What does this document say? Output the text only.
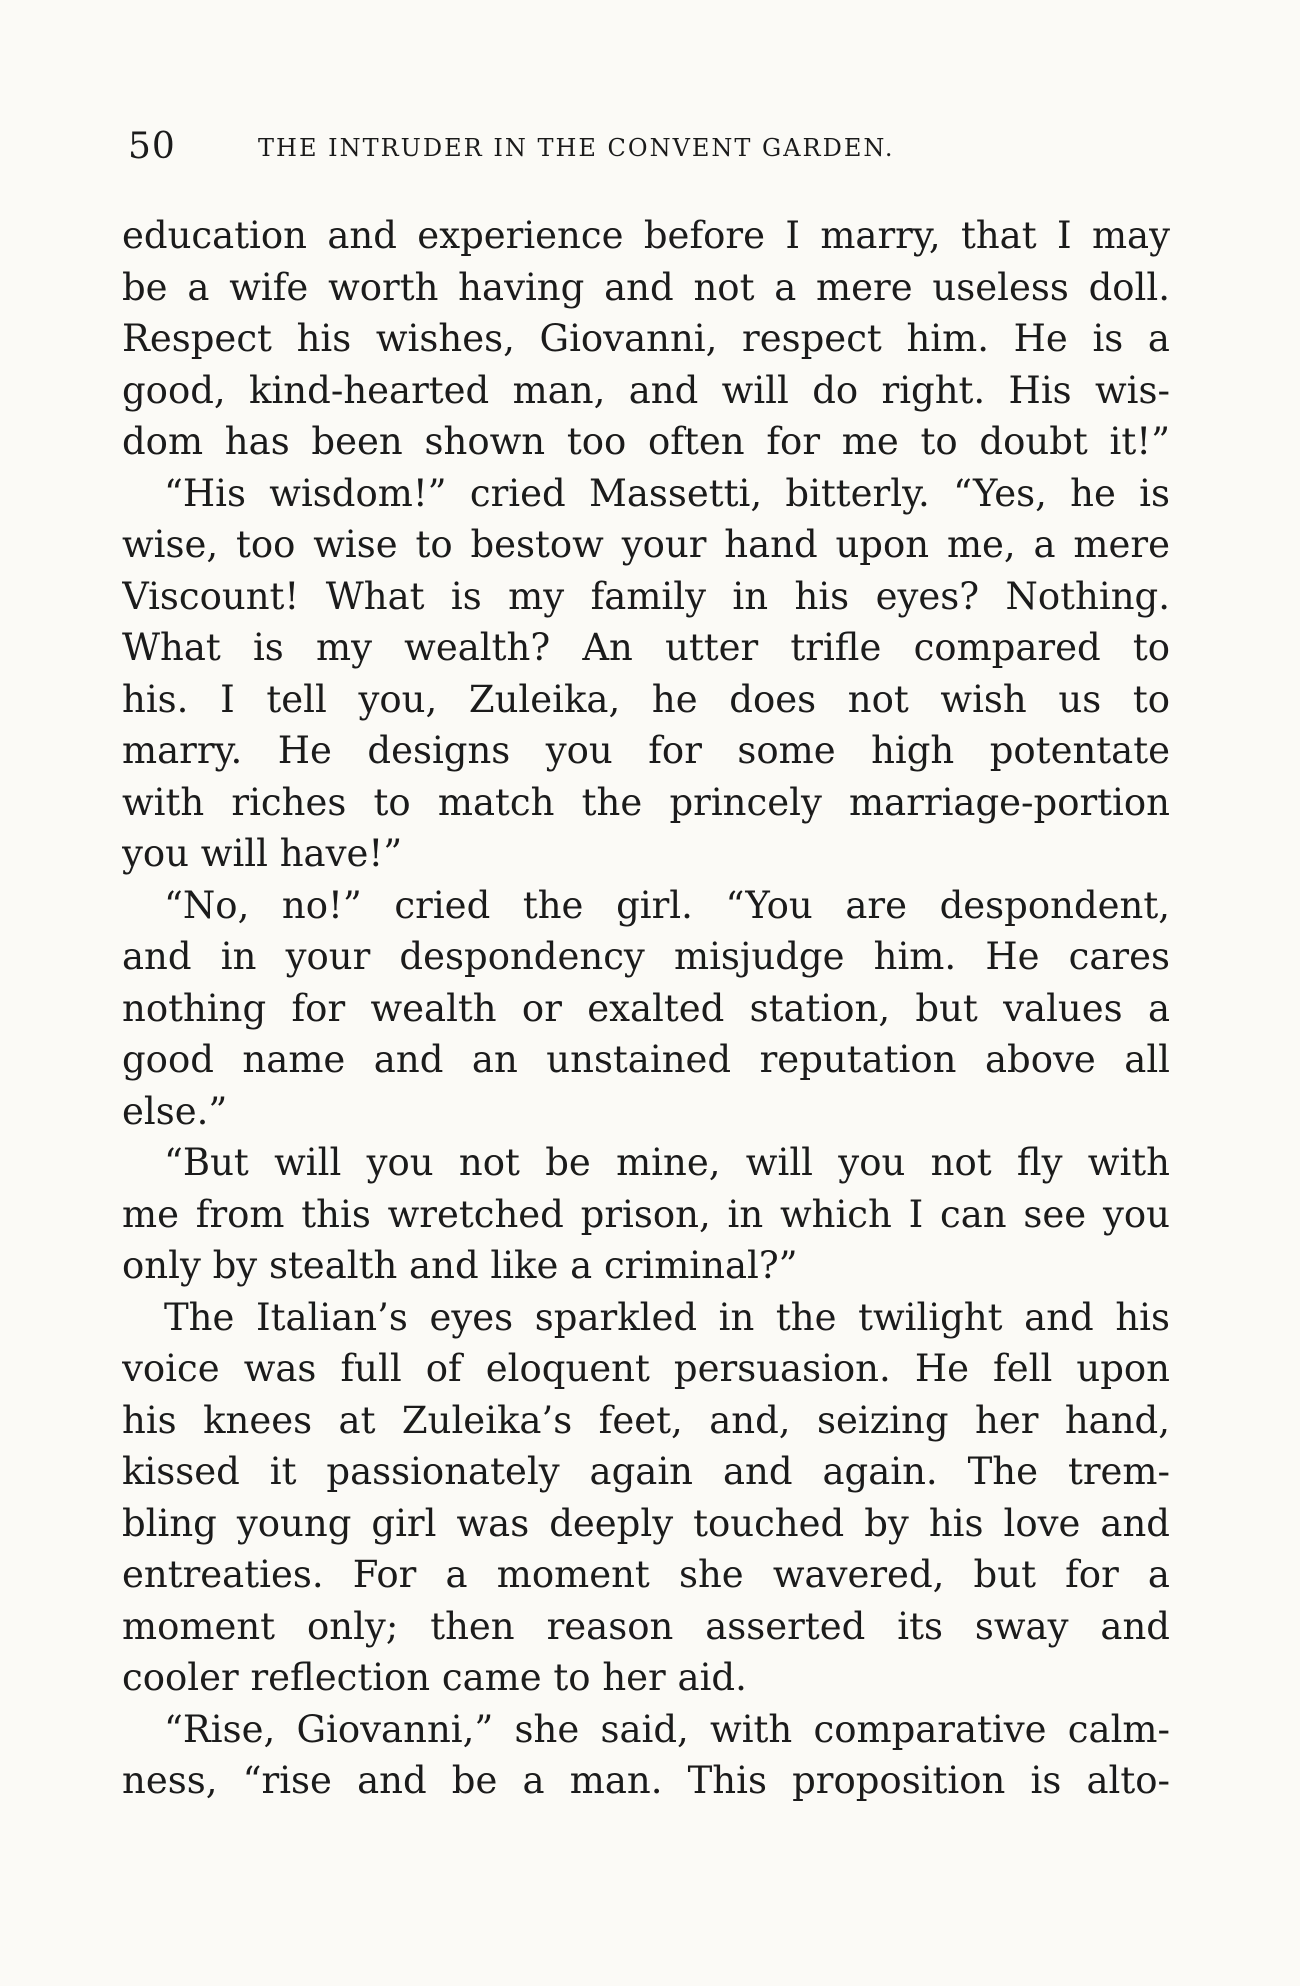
50	THE INTRUDER IN THE CONVENT GARDEN.
education and experience before I marry, that I may
be a wife worth having and not a mere useless doll.
Respect his wishes, Giovanni, respect him. He is a
good, kind-hearted man, and will do right. His wis-
dom has been shown too often for me to doubt it!”
“His wisdom!” cried Massetti, bitterly. “Yes, he is
wise, too wise to bestow your hand upon me, a mere
Viscount! What is my family in his eyes? Nothing.
What is my wealth? An utter trifle compared to
his. I tell you, Zuleika, he does not wish us to
marry. He designs you for some high potentate
with riches to match the princely marriage-portion
you will have!”
“No, no!” cried the girl. “You are despondent,
and in your despondency misjudge him. He cares
nothing for wealth or exalted station, but values a
good name and an unstained reputation above all
else.”
“But will you not be mine, will you not fly with
me from this wretched prison, in which I can see you
only by stealth and like a criminal?”
The Italian’s eyes sparkled in the twilight and his
voice was full of eloquent persuasion. He fell upon
his knees at Zuleika’s feet, and, seizing her hand,
kissed it passionately again and again. The trem-
bling young girl was deeply touched by his love and
entreaties. For a moment she wavered, but for a
moment only; then reason asserted its sway and
cooler reflection came to her aid.
“Rise, Giovanni,” she said, with comparative calm-
ness, “rise and be a man. This proposition is alto-
